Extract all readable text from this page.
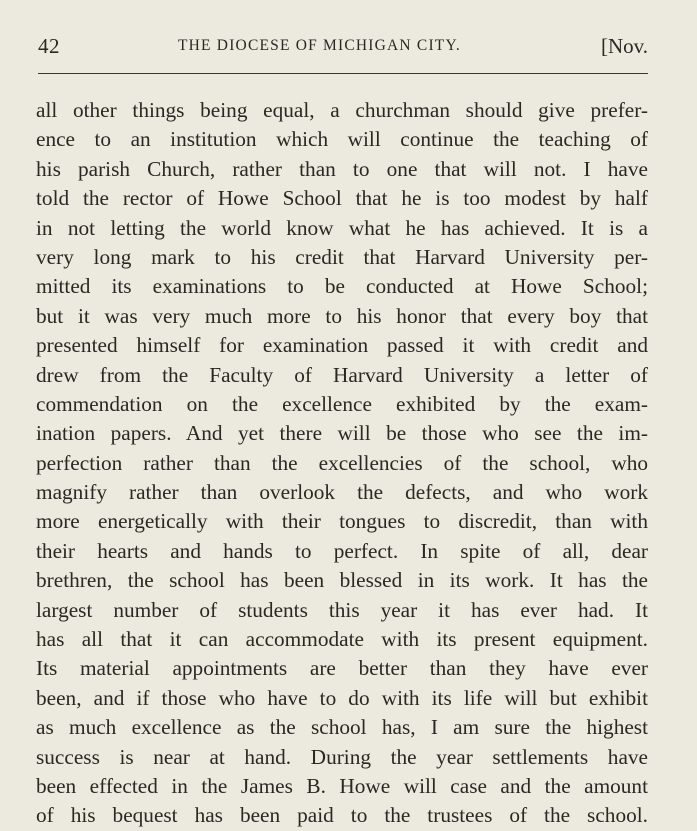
42	THE DIOCESE OF MICHIGAN CITY.	[Nov.
all other things being equal, a churchman should give prefer-
ence to an institution which will continue the teaching of
his parish Church, rather than to one that will not. I have
told the rector of Howe School that he is too modest by half
in not letting the world know what he has achieved. It is a
very long mark to his credit that Harvard University per-
mitted its examinations to be conducted at Howe School;
but it was very much more to his honor that every boy that
presented himself for examination passed it with credit and
drew from the Faculty of Harvard University a letter of
commendation on the excellence exhibited by the exam-
ination papers. And yet there will be those who see the im-
perfection rather than the excellencies of the school, who
magnify rather than overlook the defects, and who work
more energetically with their tongues to discredit, than with
their hearts and hands to perfect. In spite of all, dear
brethren, the school has been blessed in its work. It has the
largest number of students this year it has ever had. It
has all that it can accommodate with its present equipment.
Its material appointments are better than they have ever
been, and if those who have to do with its life will but exhibit
as much excellence as the school has, I am sure the highest
success is near at hand. During the year settlements have
been effected in the James B. Howe will case and the amount
of his bequest has been paid to the trustees of the school.
